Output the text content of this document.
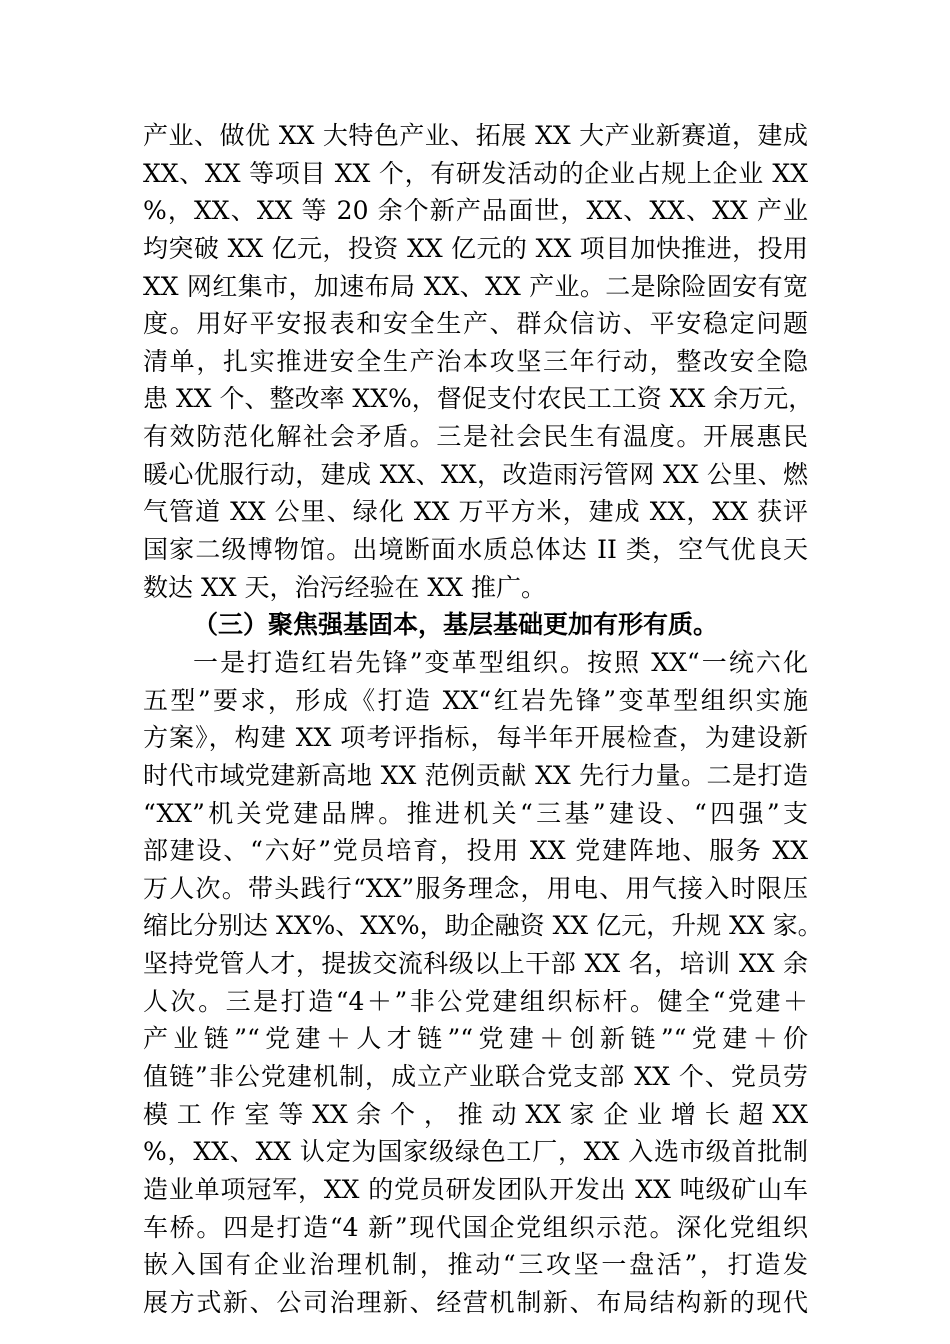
产业、做优 XX 大特色产业、拓展 XX 大产业新赛道，建成
XX、XX 等项目 XX 个，有研发活动的企业占规上企业 XX
%，XX、XX 等 20 余个新产品面世，XX、XX、XX 产业
均突破 XX 亿元，投资 XX 亿元的 XX 项目加快推进，投用
XX 网红集市，加速布局 XX、XX 产业。二是除险固安有宽
度。用好平安报表和安全生产、群众信访、平安稳定问题
清单，扎实推进安全生产治本攻坚三年行动，整改安全隐
患 XX 个、整改率 XX%，督促支付农民工工资 XX 余万元，
有效防范化解社会矛盾。三是社会民生有温度。开展惠民
暖心优服行动，建成 XX、XX，改造雨污管网 XX 公里、燃
气管道 XX 公里、绿化 XX 万平方米，建成 XX，XX 获评
国家二级博物馆。出境断面水质总体达 II 类，空气优良天
数达 XX 天，治污经验在 XX 推广。
（三）聚焦强基固本，基层基础更加有形有质。
一是打造红岩先锋”变革型组织。按照 XX“一统六化
五型”要求，形成《打造 XX“红岩先锋”变革型组织实施
方案》，构建 XX 项考评指标，每半年开展检查，为建设新
时代市域党建新高地 XX 范例贡献 XX 先行力量。二是打造
“XX”机关党建品牌。推进机关“三基”建设、“四强”支
部建设、“六好”党员培育，投用 XX 党建阵地、服务 XX
万人次。带头践行“XX”服务理念，用电、用气接入时限压
缩比分别达 XX%、XX%，助企融资 XX 亿元，升规 XX 家。
坚持党管人才，提拔交流科级以上干部 XX 名，培训 XX 余
人次。三是打造“4＋”非公党建组织标杆。健全“党建＋
产业链”“党建＋人才链”“党建＋创新链”“党建＋价
值链”非公党建机制，成立产业联合党支部 XX 个、党员劳
模 工 作 室 等 XX 余 个 ， 推 动 XX 家 企 业 增 长 超 XX
%，XX、XX 认定为国家级绿色工厂，XX 入选市级首批制
造业单项冠军，XX 的党员研发团队开发出 XX 吨级矿山车
车桥。四是打造“4 新”现代国企党组织示范。深化党组织
嵌入国有企业治理机制，推动“三攻坚一盘活”，打造发
展方式新、公司治理新、经营机制新、布局结构新的现代
